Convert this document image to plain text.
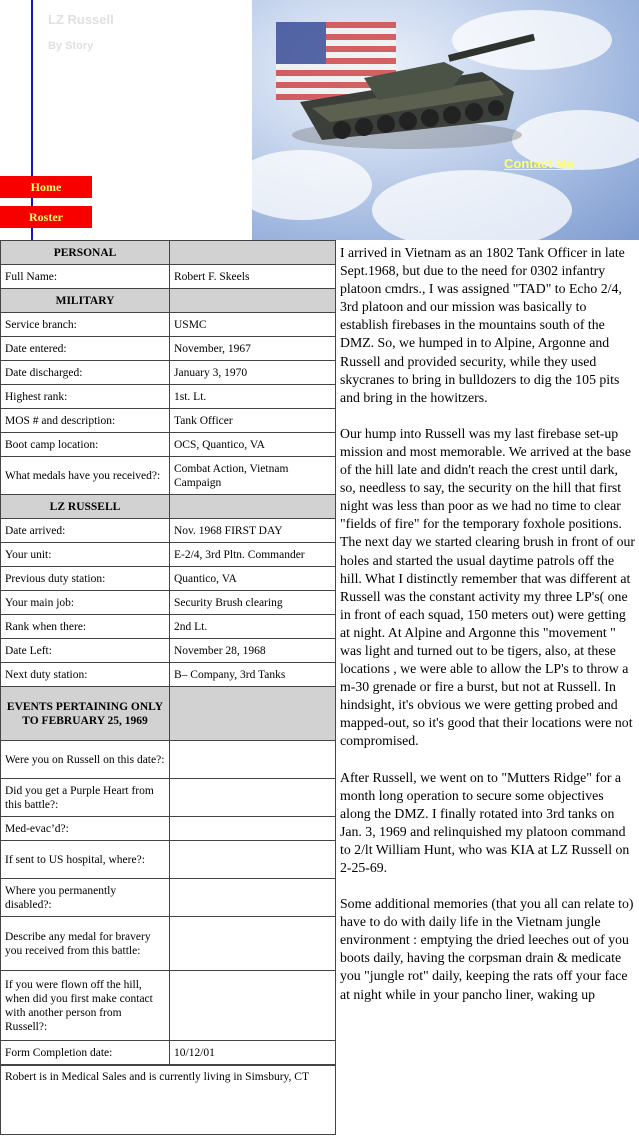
LZ Russell
By Story
Home
Roster
Contact Me
PERSONAL	
Full Name:	Robert F. Skeels
MILITARY	
Service branch:	USMC
Date entered:	November, 1967
Date discharged:	January 3, 1970
Highest rank:	1st. Lt.
MOS # and description:	Tank Officer
Boot camp location:	OCS, Quantico, VA
What medals have you received?:	Combat Action, Vietnam Campaign
LZ RUSSELL	
Date arrived:	Nov. 1968 FIRST DAY
Your unit:	E-2/4, 3rd Pltn. Commander
Previous duty station:	Quantico, VA
Your main job:	Security Brush clearing
Rank when there:	2nd Lt.
Date Left:	November 28, 1968
Next duty station:	B– Company, 3rd Tanks
EVENTS PERTAINING ONLY TO FEBRUARY 25, 1969	
Were you on Russell on this date?:	
Did you get a Purple Heart from this battle?:	
Med-evac’d?:	
If sent to US hospital, where?:	
Where you permanently disabled?:	
Describe any medal for bravery you received from this battle:	
If you were flown off the hill, when did you first make contact with another person from Russell?:	
Form Completion date:	10/12/01
Robert is in Medical Sales and is currently living in Simsbury, CT

I arrived in Vietnam as an 1802 Tank Officer in late Sept.1968, but due to the need for 0302 infantry platoon cmdrs., I was assigned "TAD" to Echo 2/4, 3rd platoon and our mission was basically to establish firebases in the mountains south of the DMZ. So, we humped in to Alpine, Argonne and Russell and provided security, while they used skycranes to bring in bulldozers to dig the 105 pits and bring in the howitzers.

Our hump into Russell was my last firebase set-up mission and most memorable. We arrived at the base of the hill late and didn't reach the crest until dark, so, needless to say, the security on the hill that first night was less than poor as we had no time to clear "fields of fire" for the temporary foxhole positions. The next day we started clearing brush in front of our holes and started the usual daytime patrols off the hill. What I distinctly remember that was different at Russell was the constant activity my three LP's( one in front of each squad, 150 meters out) were getting at night. At Alpine and Argonne this "movement " was light and turned out to be tigers, also, at these locations , we were able to allow the LP's to throw a m-30 grenade or fire a burst, but not at Russell. In hindsight, it's obvious we were getting probed and mapped-out, so it's good that their locations were not compromised.

After Russell, we went on to "Mutters Ridge" for a month long operation to secure some objectives along the DMZ. I finally rotated into 3rd tanks on Jan. 3, 1969 and relinquished my platoon command to 2/lt William Hunt, who was KIA at LZ Russell on 2-25-69.

Some additional memories (that you all can relate to) have to do with daily life in the Vietnam jungle environment : emptying the dried leeches out of you boots daily, having the corpsman drain & medicate you "jungle rot" daily, keeping the rats off your face at night while in your pancho liner, waking up
